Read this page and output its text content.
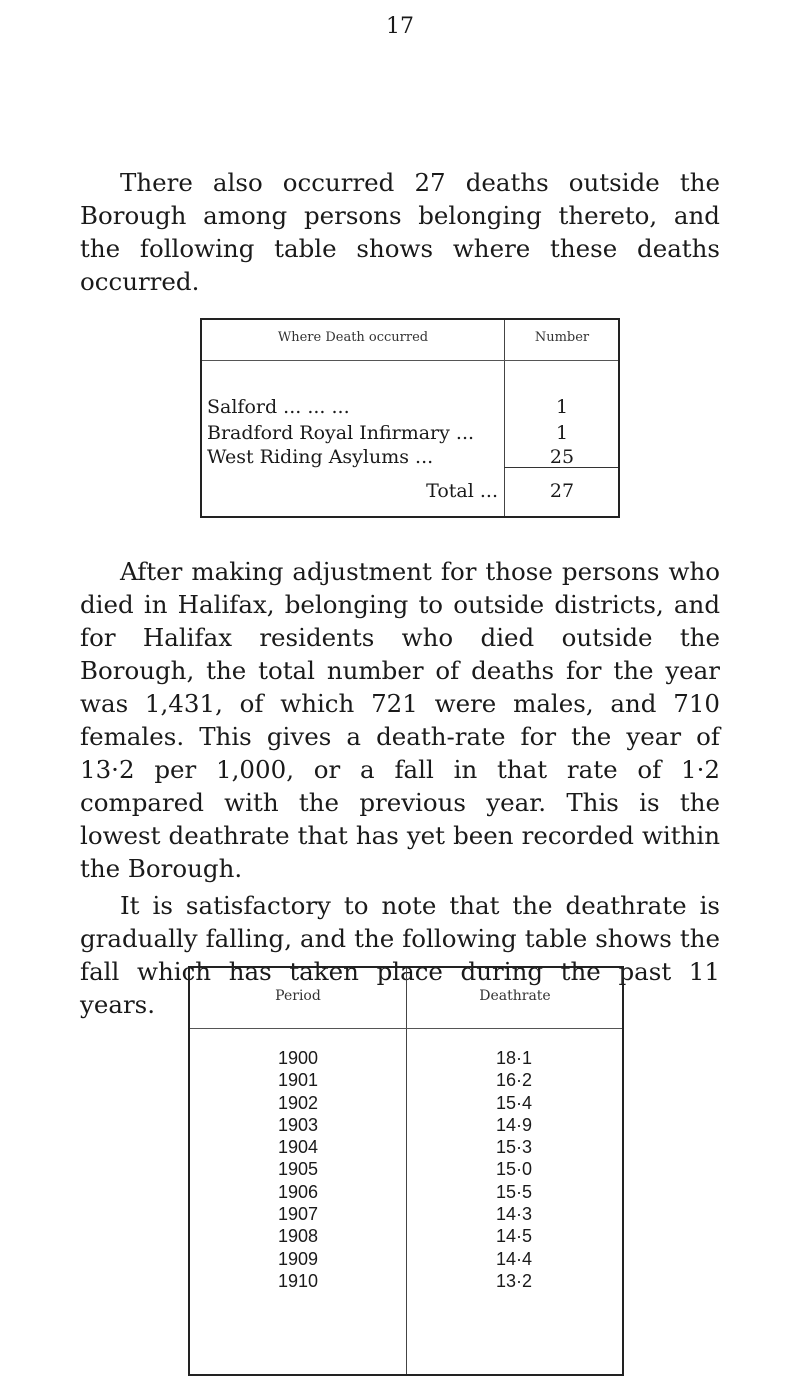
17

There also occurred 27 deaths outside the Borough among persons belonging thereto, and the following table shows where these deaths occurred.

Where Death occurred	Number
Salford ... ... ...	1
Bradford Royal Infirmary ...	1
West Riding Asylums ...	25
Total ...	27

After making adjustment for those persons who died in Halifax, belonging to outside districts, and for Halifax residents who died outside the Borough, the total number of deaths for the year was 1,431, of which 721 were males, and 710 females. This gives a death-rate for the year of 13·2 per 1,000, or a fall in that rate of 1·2 compared with the previous year. This is the lowest deathrate that has yet been recorded within the Borough.

It is satisfactory to note that the deathrate is gradually falling, and the following table shows the fall which has taken place during the past 11 years.	Period	Deathrate
1900	18·1
1901	16·2
1902	15·4
1903	14·9
1904	15·3
1905	15·0
1906	15·5
1907	14·3
1908	14·5
1909	14·4
1910	13·2
